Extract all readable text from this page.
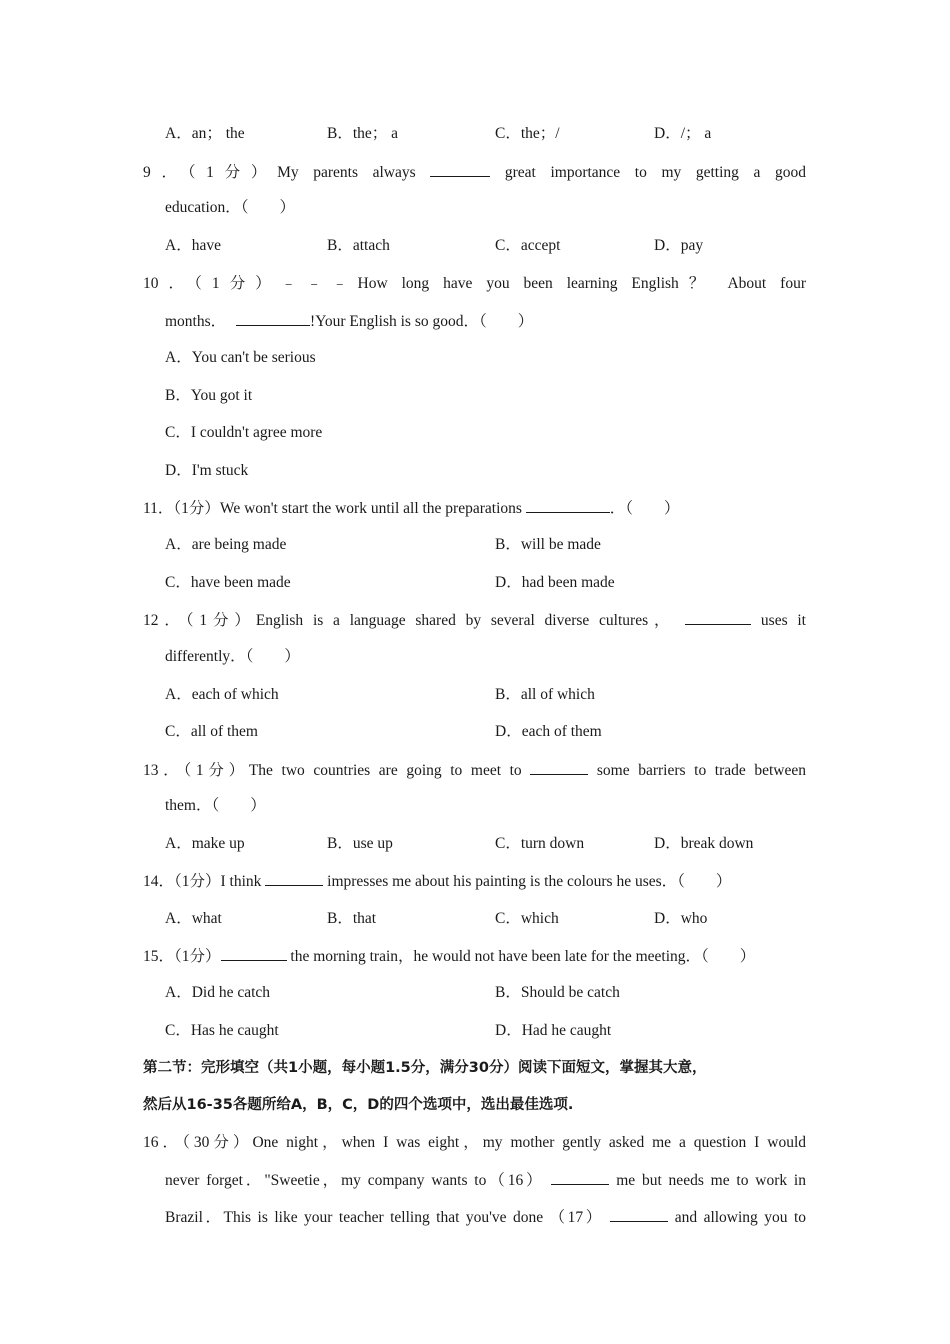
A．an； the	B．the； a	C．the；/	D．/； a
9．（1分）My parents always	great importance to my getting a good
education．（　　）
A．have	B．attach	C．accept	D．pay
10．（1分）﹣﹣﹣How long have you been learning English？ About four
months．	!Your English is so good．（　　）
A．You can't be serious
B．You got it
C．I couldn't agree more
D．I'm stuck
11．（1分）We won't start the work until all the preparations	．（　　）
A．are being made	B．will be made
C．have been made	D．had been made
12．（1分）English is a language shared by several diverse cultures，	uses it
differently．（　　）
A．each of which	B．all of which
C．all of them	D．each of them
13．（1分）The two countries are going to meet to	some barriers to trade between
them．（　　）
A．make up	B．use up	C．turn down	D．break down
14．（1分）I think	impresses me about his painting is the colours he uses．（　　）
A．what	B．that	C．which	D．who
15．（1分）	the morning train，he would not have been late for the meeting．（　　）
A．Did he catch	B．Should be catch
C．Has he caught	D．Had he caught
第二节：完形填空（共1小题，每小题1.5分，满分30分）阅读下面短文，掌握其大意，
然后从16-35各题所给A，B，C，D的四个选项中，选出最佳选项.
16．（30分）One night，when I was eight，my mother gently asked me a question I would
never forget．"Sweetie，my company wants to（16）	me but needs me to work in
Brazil．This is like your teacher telling that you've done （17）	and allowing you to
